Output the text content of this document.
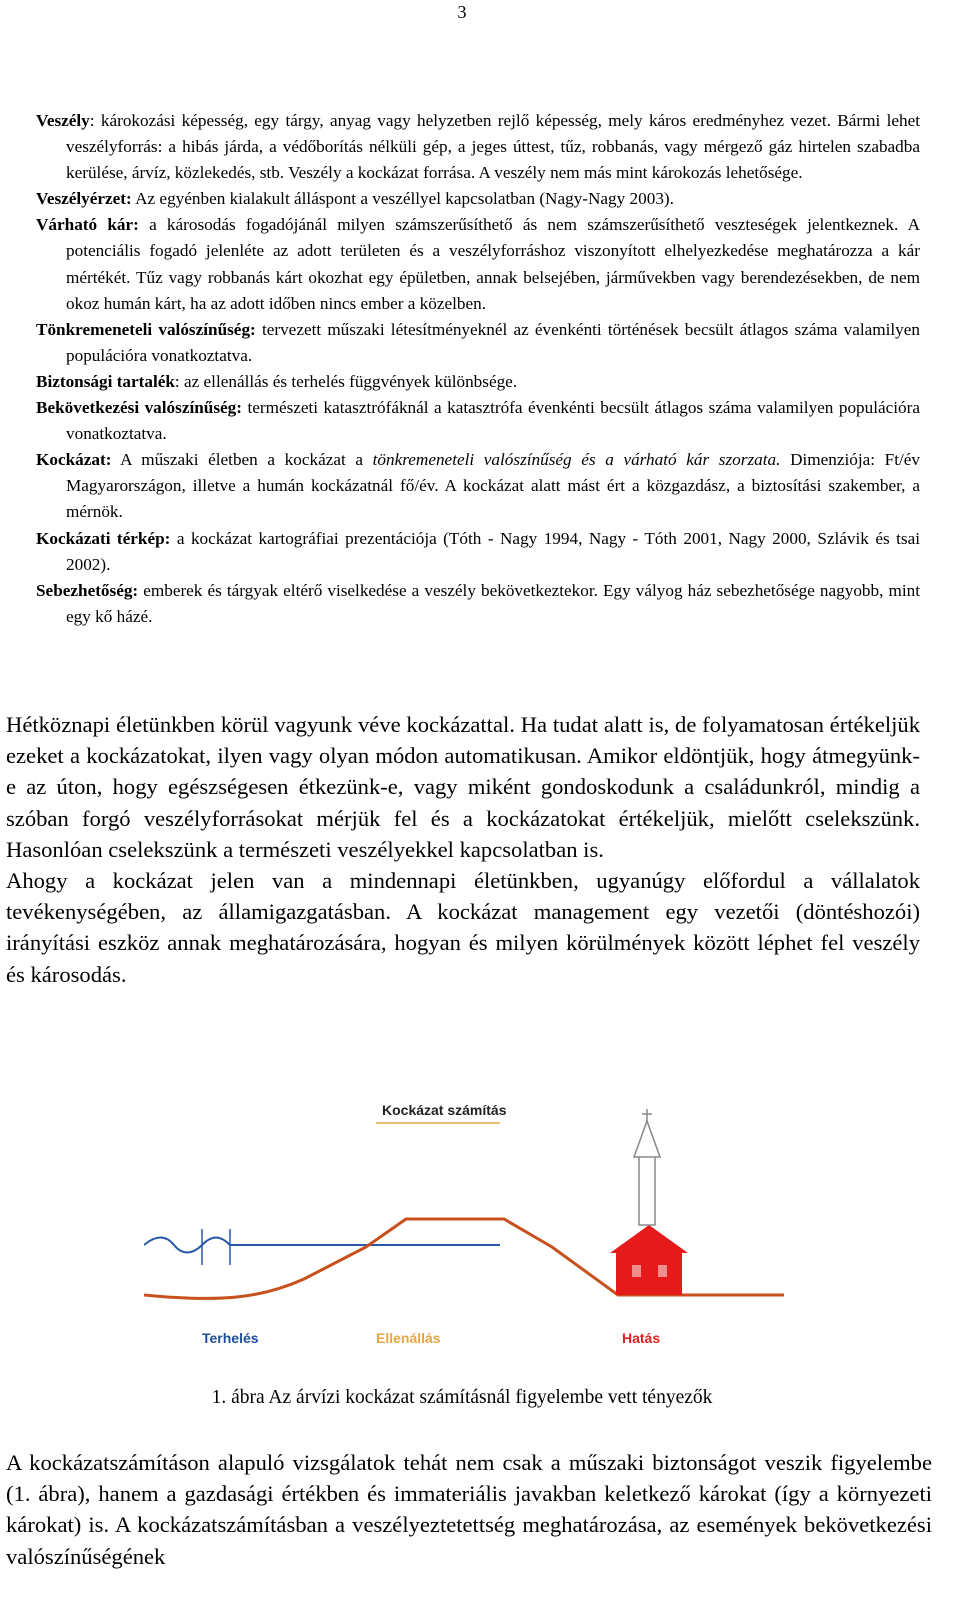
3

Veszély: károkozási képesség, egy tárgy, anyag vagy helyzetben rejlő képesség, mely káros eredményhez vezet. Bármi lehet veszélyforrás: a hibás járda, a védőborítás nélküli gép, a jeges úttest, tűz, robbanás, vagy mérgező gáz hirtelen szabadba kerülése, árvíz, közlekedés, stb. Veszély a kockázat forrása. A veszély nem más mint károkozás lehetősége.

Veszélyérzet: Az egyénben kialakult álláspont a veszéllyel kapcsolatban (Nagy-Nagy 2003).

Várható kár: a károsodás fogadójánál milyen számszerűsíthető ás nem számszerűsíthető veszteségek jelentkeznek. A potenciális fogadó jelenléte az adott területen és a veszélyforráshoz viszonyított elhelyezkedése meghatározza a kár mértékét. Tűz vagy robbanás kárt okozhat egy épületben, annak belsejében, járművekben vagy berendezésekben, de nem okoz humán kárt, ha az adott időben nincs ember a közelben.

Tönkremeneteli valószínűség: tervezett műszaki létesítményeknél az évenkénti történések becsült átlagos száma valamilyen populációra vonatkoztatva.

Biztonsági tartalék: az ellenállás és terhelés függvények különbsége.

Bekövetkezési valószínűség: természeti katasztrófáknál a katasztrófa évenkénti becsült átlagos száma valamilyen populációra vonatkoztatva.

Kockázat: A műszaki életben a kockázat a tönkremeneteli valószínűség és a várható kár szorzata. Dimenziója: Ft/év Magyarországon, illetve a humán kockázatnál fő/év. A kockázat alatt mást ért a közgazdász, a biztosítási szakember, a mérnök.

Kockázati térkép: a kockázat kartográfiai prezentációja (Tóth - Nagy 1994, Nagy - Tóth 2001, Nagy 2000, Szlávik és tsai 2002).

Sebezhetőség: emberek és tárgyak eltérő viselkedése a veszély bekövetkeztekor. Egy vályog ház sebezhetősége nagyobb, mint egy kő házé.

Hétköznapi életünkben körül vagyunk véve kockázattal. Ha tudat alatt is, de folyamatosan értékeljük ezeket a kockázatokat, ilyen vagy olyan módon automatikusan. Amikor eldöntjük, hogy átmegyünk-e az úton, hogy egészségesen étkezünk-e, vagy miként gondoskodunk a családunkról, mindig a szóban forgó veszélyforrásokat mérjük fel és a kockázatokat értékeljük, mielőtt cselekszünk. Hasonlóan cselekszünk a természeti veszélyekkel kapcsolatban is.

Ahogy a kockázat jelen van a mindennapi életünkben, ugyanúgy előfordul a vállalatok tevékenységében, az államigazgatásban. A kockázat management egy vezetői (döntéshozói) irányítási eszköz annak meghatározására, hogyan és milyen körülmények között léphet fel veszély és károsodás.

Kockázat számítás
Terhelés	Ellenállás	Hatás
1. ábra Az árvízi kockázat számításnál figyelembe vett tényezők

A kockázatszámításon alapuló vizsgálatok tehát nem csak a műszaki biztonságot veszik figyelembe (1. ábra), hanem a gazdasági értékben és immateriális javakban keletkező károkat (így a környezeti károkat) is. A kockázatszámításban a veszélyeztetettség meghatározása, az események bekövetkezési valószínűségének
